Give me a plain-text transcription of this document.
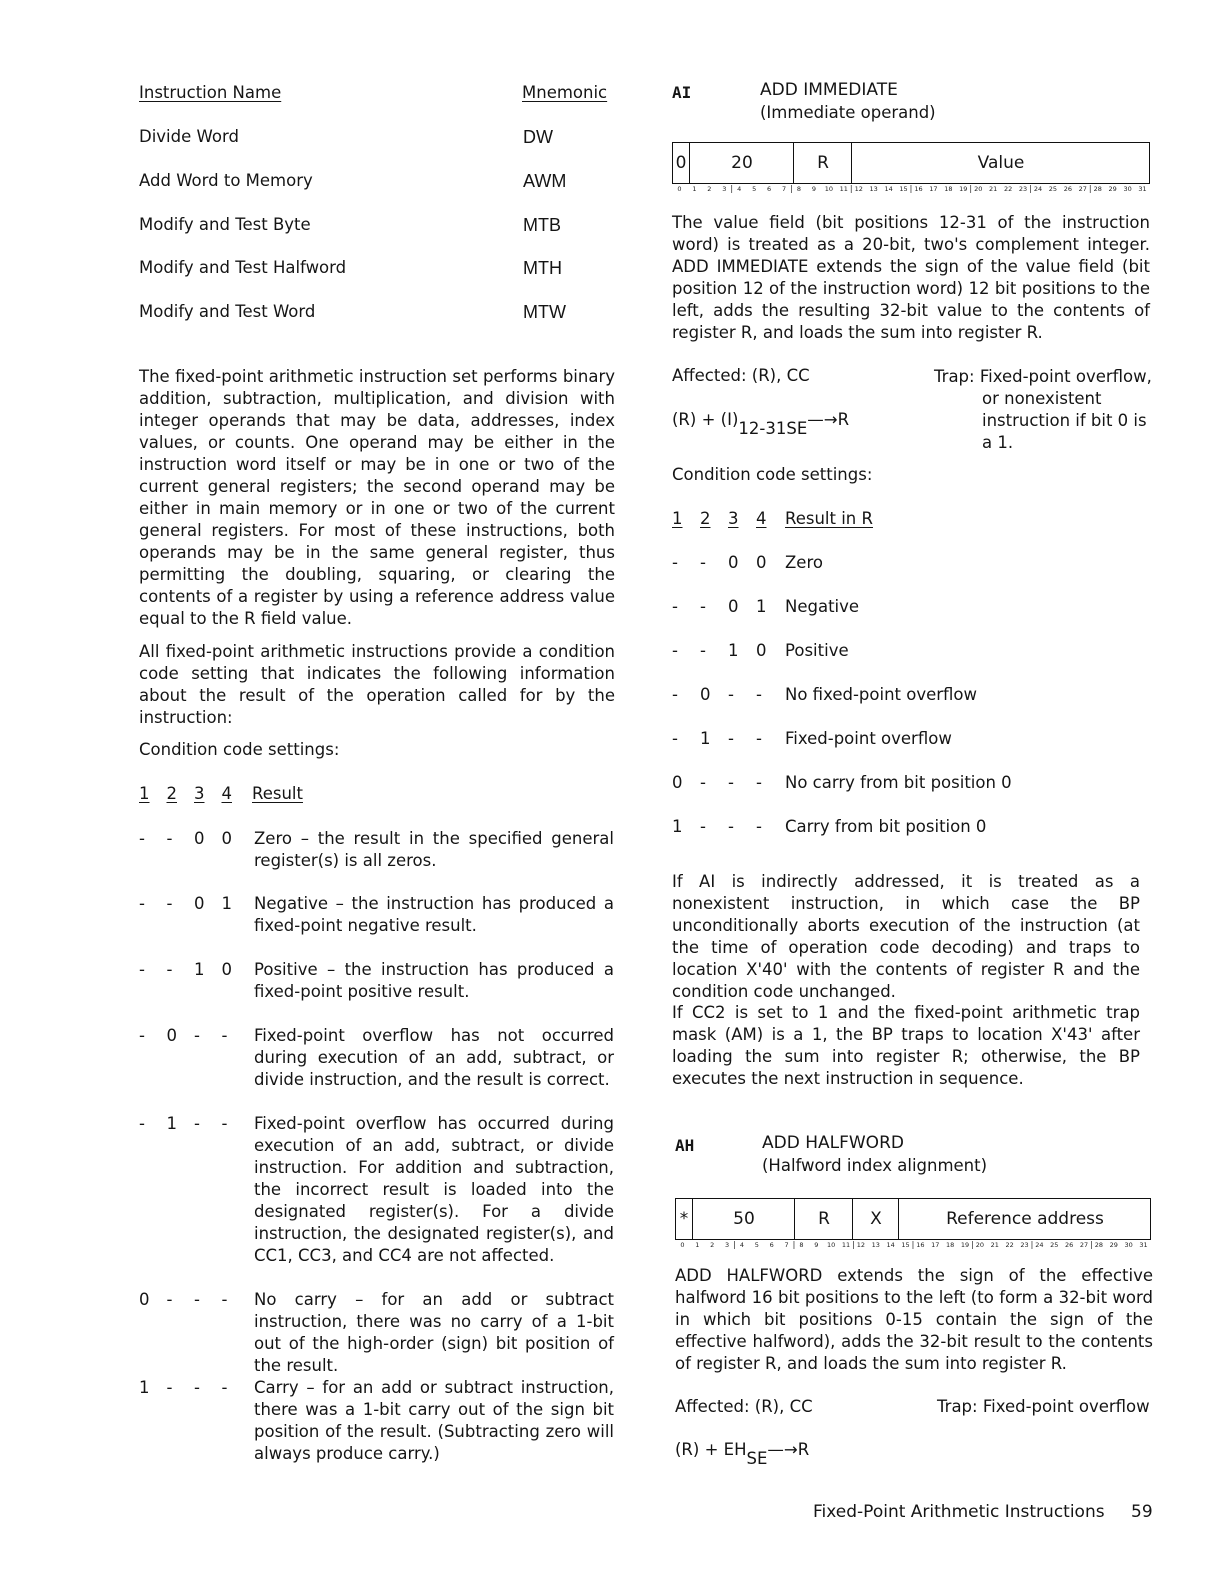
Instruction Name	Mnemonic
Divide Word	DW
Add Word to Memory	AWM
Modify and Test Byte	MTB
Modify and Test Halfword	MTH
Modify and Test Word	MTW

The fixed-point arithmetic instruction set performs binary addition, subtraction, multiplication, and division with integer operands that may be data, addresses, index values, or counts. One operand may be either in the instruction word itself or may be in one or two of the current general registers; the second operand may be either in main memory or in one or two of the current general registers. For most of these instructions, both operands may be in the same general register, thus permitting the doubling, squaring, or clearing the contents of a register by using a reference address value equal to the R field value.

All fixed-point arithmetic instructions provide a condition code setting that indicates the following information about the result of the operation called for by the instruction:

Condition code settings:

1 2 3 4 Result
- - 0 0	Zero – the result in the specified general register(s) is all zeros.

- - 0 1	Negative – the instruction has produced a fixed-point negative result.

- - 1 0	Positive – the instruction has produced a fixed-point positive result.

- 0 - -	Fixed-point overflow has not occurred during execution of an add, subtract, or divide instruction, and the result is correct.

- 1 - -	Fixed-point overflow has occurred during execution of an add, subtract, or divide instruction. For addition and subtraction, the incorrect result is loaded into the designated register(s). For a divide instruction, the designated register(s), and CC1, CC3, and CC4 are not affected.

0 - - -	No carry – for an add or subtract instruction, there was no carry of a 1-bit out of the high-order (sign) bit position of the result.

1 - - -	Carry – for an add or subtract instruction, there was a 1-bit carry out of the sign bit position of the result. (Subtracting zero will always produce carry.)

AI	ADD IMMEDIATE
(Immediate operand)
0	20	R	Value
0	1	2	3	4	5	6	7	8	9	10 11 12 13 14 15 16 17 18 19 20 21 22 23 24 25 26 27 28 29 30 31
|	|	|	|	|	|	|

The value field (bit positions 12-31 of the instruction word) is treated as a 20-bit, two's complement integer. ADD IMMEDIATE extends the sign of the value field (bit position 12 of the instruction word) 12 bit positions to the left, adds the resulting 32-bit value to the contents of register R, and loads the sum into register R.

Affected: (R), CC	Trap: Fixed-point overflow, or nonexistent instruction if bit 0 is a 1.

(R) + (I)12-31SE—→R

Condition code settings:

1 2 3 4	Result in R
- - 0 0	Zero
- - 0 1	Negative
- - 1 0	Positive
- 0 - -	No fixed-point overflow
- 1 - -	Fixed-point overflow
0 - - -	No carry from bit position 0
1 - - -	Carry from bit position 0

If AI is indirectly addressed, it is treated as a nonexistent instruction, in which case the BP unconditionally aborts execution of the instruction (at the time of operation code decoding) and traps to location X'40' with the contents of register R and the condition code unchanged.

If CC2 is set to 1 and the fixed-point arithmetic trap mask (AM) is a 1, the BP traps to location X'43' after loading the sum into register R; otherwise, the BP executes the next instruction in sequence.

AH	ADD HALFWORD
(Halfword index alignment)
*	50	R	X	Reference address
0	1	2	3	4	5	6	7	8	9	10 11 12 13 14 15 16 17 18 19 20 21 22 23 24 25 26 27 28 29 30 31
|	|	|	|	|	|	|

ADD HALFWORD extends the sign of the effective halfword 16 bit positions to the left (to form a 32-bit word in which bit positions 0-15 contain the sign of the effective halfword), adds the 32-bit result to the contents of register R, and loads the sum into register R.

Affected: (R), CC	Trap: Fixed-point overflow
(R) + EHSE—→R
Fixed-Point Arithmetic Instructions 59
